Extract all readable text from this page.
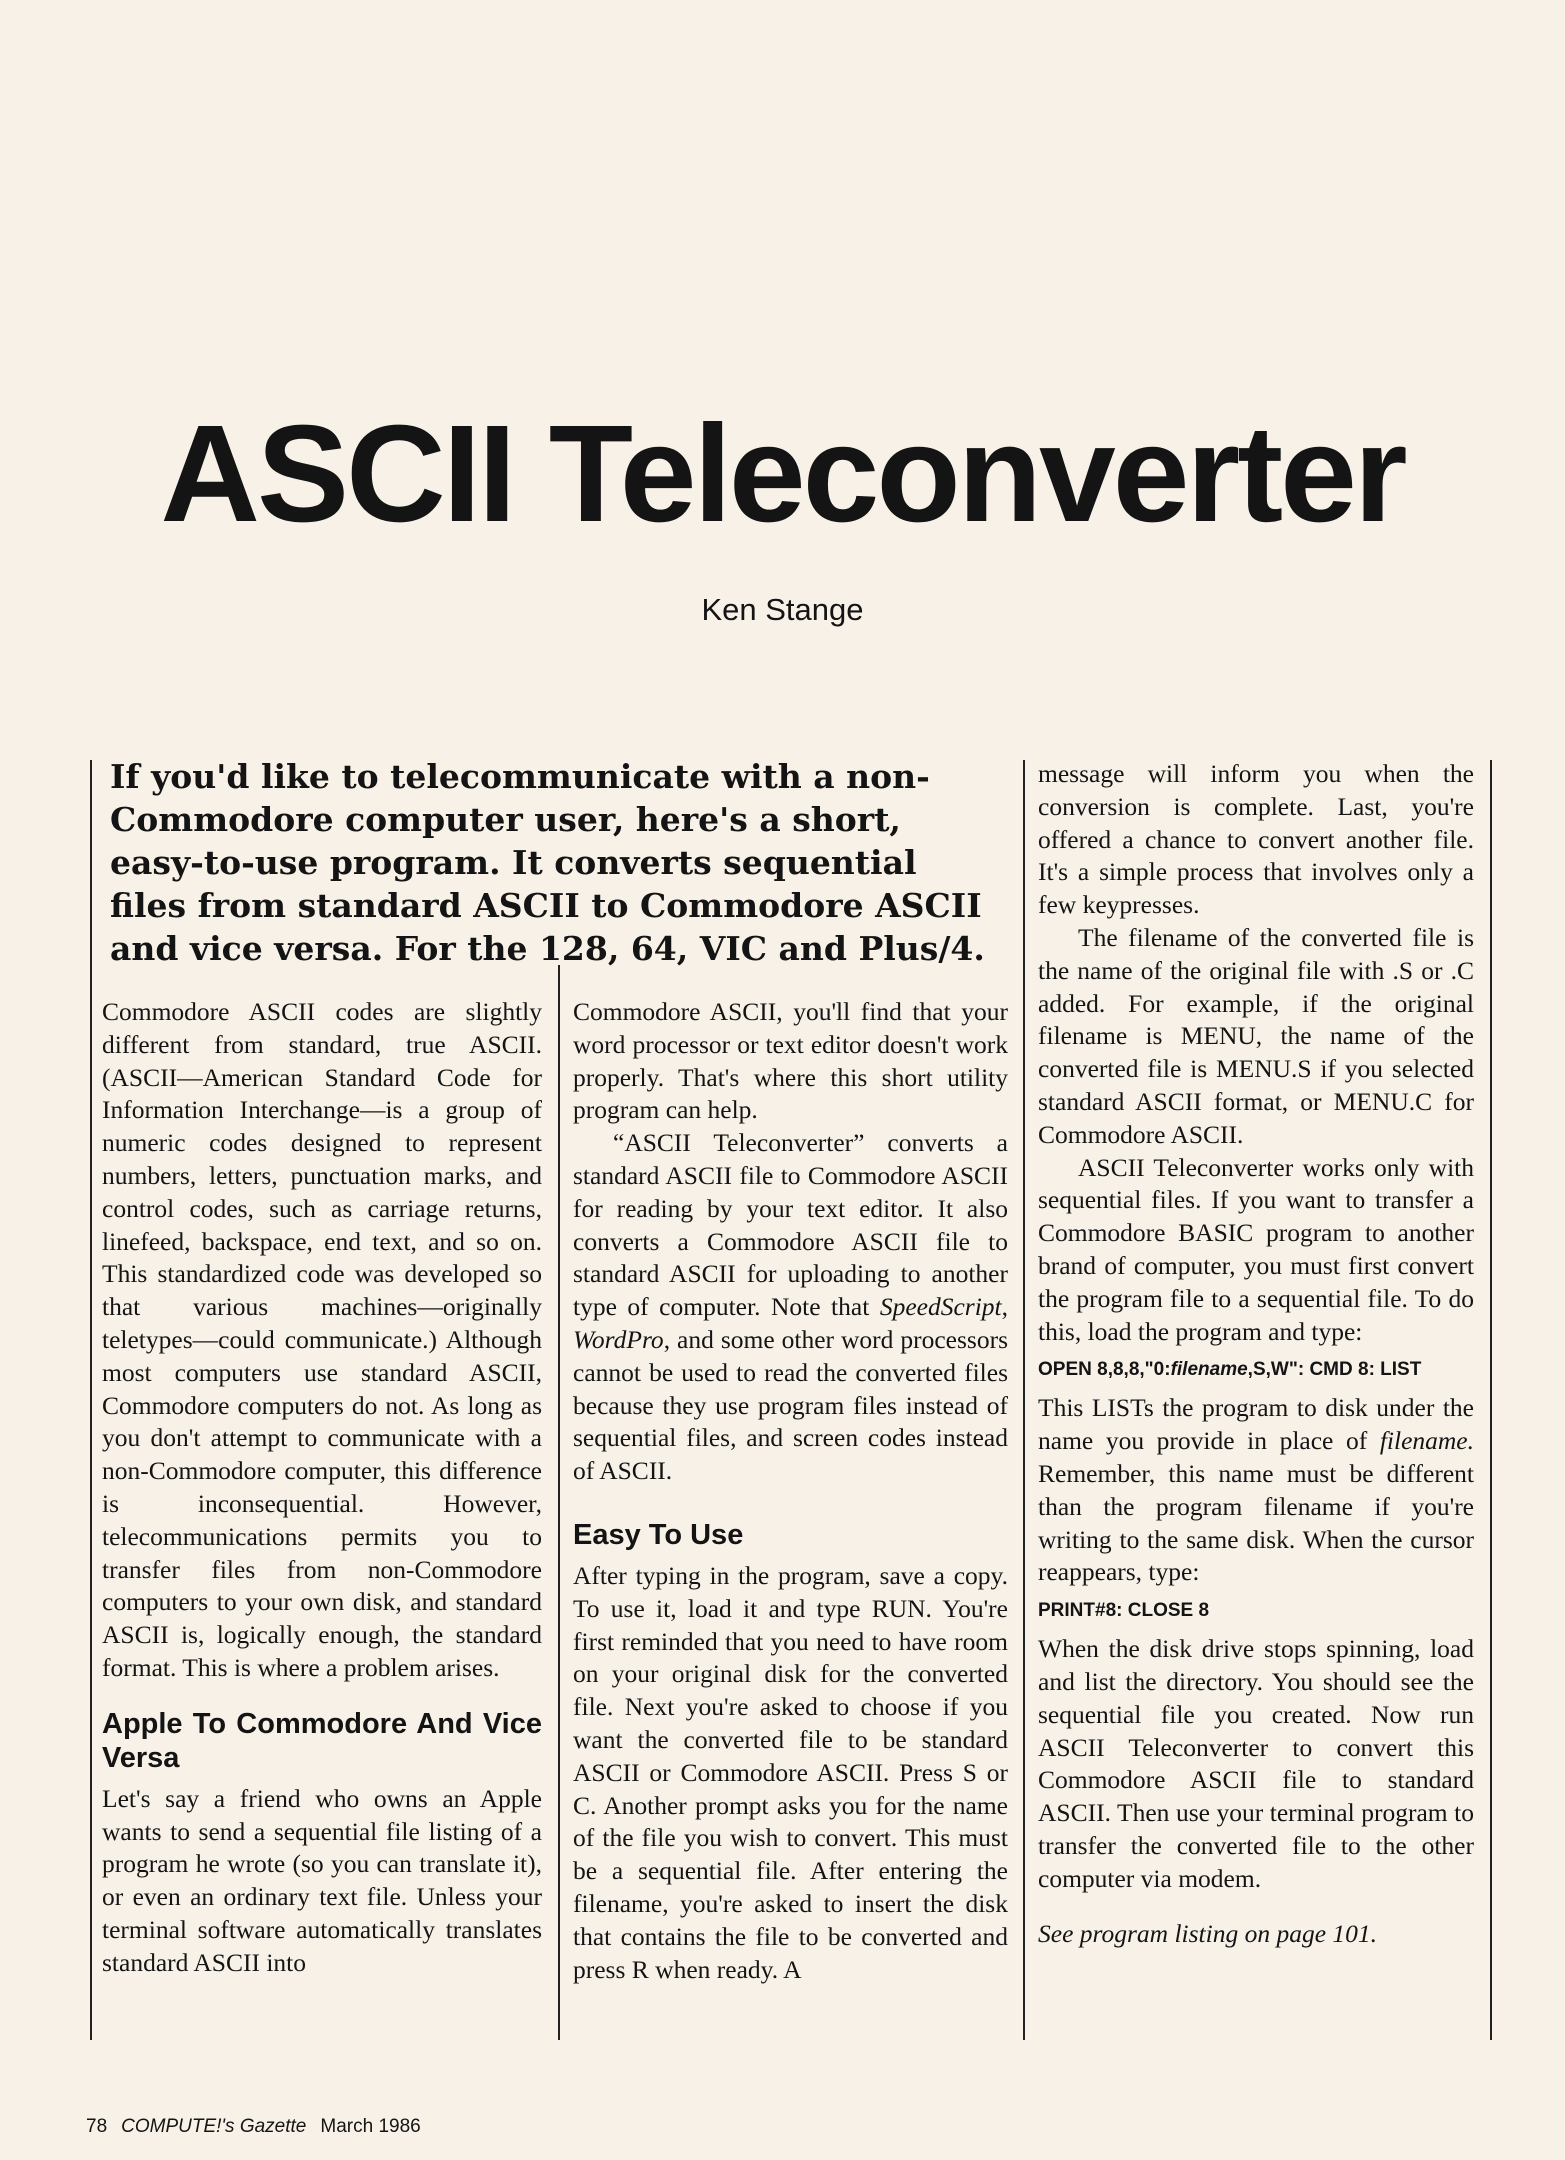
ASCII Teleconverter
Ken Stange

If you'd like to telecommunicate with a non-Commodore computer user, here's a short, easy-to-use program. It converts sequential files from standard ASCII to Commodore ASCII and vice versa. For the 128, 64, VIC and Plus/4.

Commodore ASCII codes are slightly different from standard, true ASCII. (ASCII—American Standard Code for Information Interchange—is a group of numeric codes designed to represent numbers, letters, punctuation marks, and control codes, such as carriage returns, linefeed, backspace, end text, and so on. This standardized code was developed so that various machines—originally teletypes—could communicate.) Although most computers use standard ASCII, Commodore computers do not. As long as you don't attempt to communicate with a non-Commodore computer, this difference is inconsequential. However, telecommunications permits you to transfer files from non-Commodore computers to your own disk, and standard ASCII is, logically enough, the standard format. This is where a problem arises.

Apple To Commodore And Vice Versa

Let's say a friend who owns an Apple wants to send a sequential file listing of a program he wrote (so you can translate it), or even an ordinary text file. Unless your terminal software automatically translates standard ASCII into

Commodore ASCII, you'll find that your word processor or text editor doesn't work properly. That's where this short utility program can help.

“ASCII Teleconverter” converts a standard ASCII file to Commodore ASCII for reading by your text editor. It also converts a Commodore ASCII file to standard ASCII for uploading to another type of computer. Note that SpeedScript, WordPro, and some other word processors cannot be used to read the converted files because they use program files instead of sequential files, and screen codes instead of ASCII.

Easy To Use

After typing in the program, save a copy. To use it, load it and type RUN. You're first reminded that you need to have room on your original disk for the converted file. Next you're asked to choose if you want the converted file to be standard ASCII or Commodore ASCII. Press S or C. Another prompt asks you for the name of the file you wish to convert. This must be a sequential file. After entering the filename, you're asked to insert the disk that contains the file to be converted and press R when ready. A

message will inform you when the conversion is complete. Last, you're offered a chance to convert another file. It's a simple process that involves only a few keypresses.

The filename of the converted file is the name of the original file with .S or .C added. For example, if the original filename is MENU, the name of the converted file is MENU.S if you selected standard ASCII format, or MENU.C for Commodore ASCII.

ASCII Teleconverter works only with sequential files. If you want to transfer a Commodore BASIC program to another brand of computer, you must first convert the program file to a sequential file. To do this, load the program and type:

OPEN 8,8,8,"0:filename,S,W": CMD 8: LIST

This LISTs the program to disk under the name you provide in place of filename. Remember, this name must be different than the program filename if you're writing to the same disk. When the cursor reappears, type:

PRINT#8: CLOSE 8

When the disk drive stops spinning, load and list the directory. You should see the sequential file you created. Now run ASCII Teleconverter to convert this Commodore ASCII file to standard ASCII. Then use your terminal program to transfer the converted file to the other computer via modem.

See program listing on page 101.

78 COMPUTE!'s Gazette March 1986
